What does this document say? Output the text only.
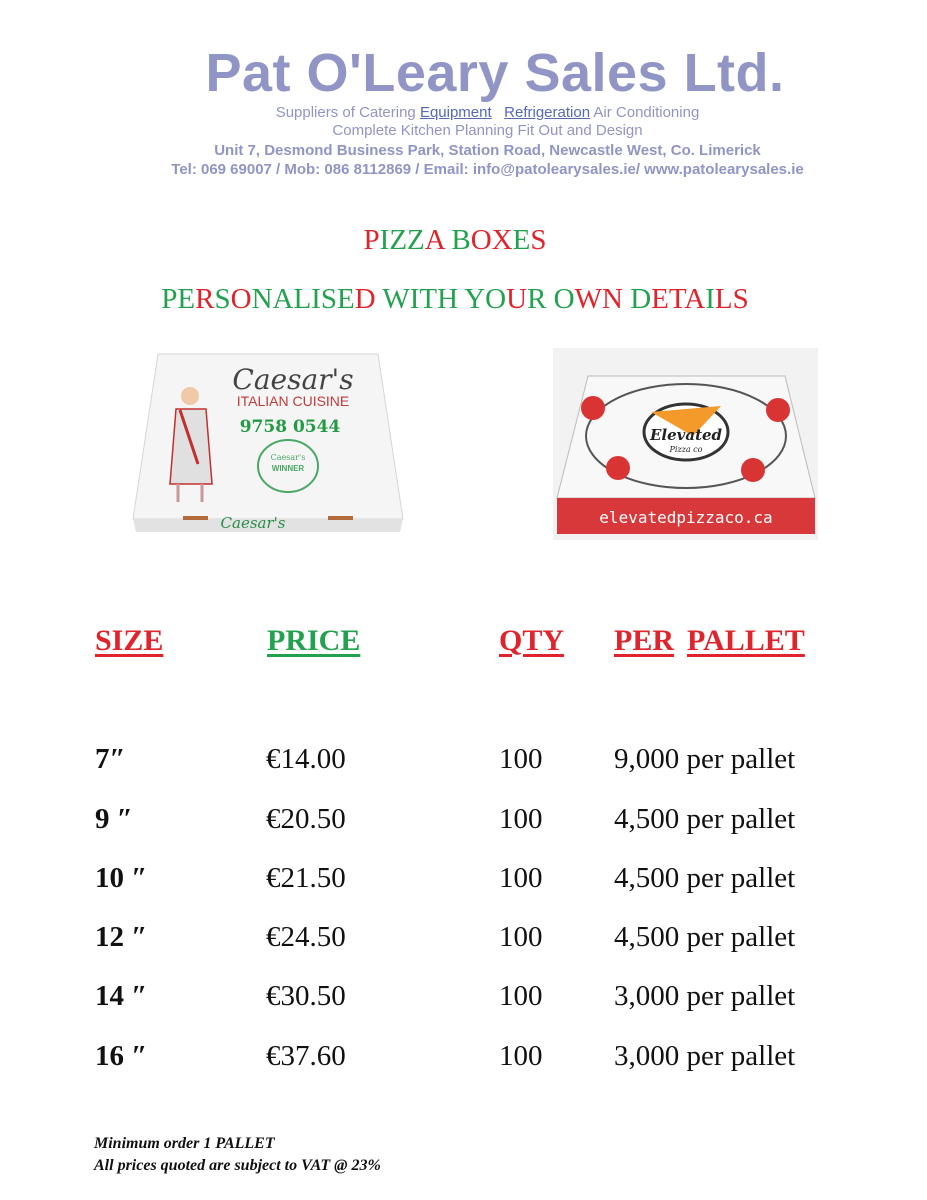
Pat O'Leary Sales Ltd.
Suppliers of Catering Equipment Refrigeration Air Conditioning
Complete Kitchen Planning Fit Out and Design
Unit 7, Desmond Business Park, Station Road, Newcastle West, Co. Limerick
Tel: 069 69007 / Mob: 086 8112869 / Email: info@patolearysales.ie/ www.patolearysales.ie
PIZZA BOXES
PERSONALISED WITH YOUR OWN DETAILS
Caesar's
ITALIAN CUISINE
9758 0544
Caesar's
WINNER
Caesar's
Elevated
Pizza co
elevatedpizzaco.ca
SIZE	PRICE	QTY PER PALLET
7″	€14.00	100 9,000 per pallet
9 ″	€20.50	100 4,500 per pallet
10 ″	€21.50	100 4,500 per pallet
12 ″	€24.50	100 4,500 per pallet
14 ″	€30.50	100 3,000 per pallet
16 ″	€37.60	100 3,000 per pallet
Minimum order 1 PALLET
All prices quoted are subject to VAT @ 23%
